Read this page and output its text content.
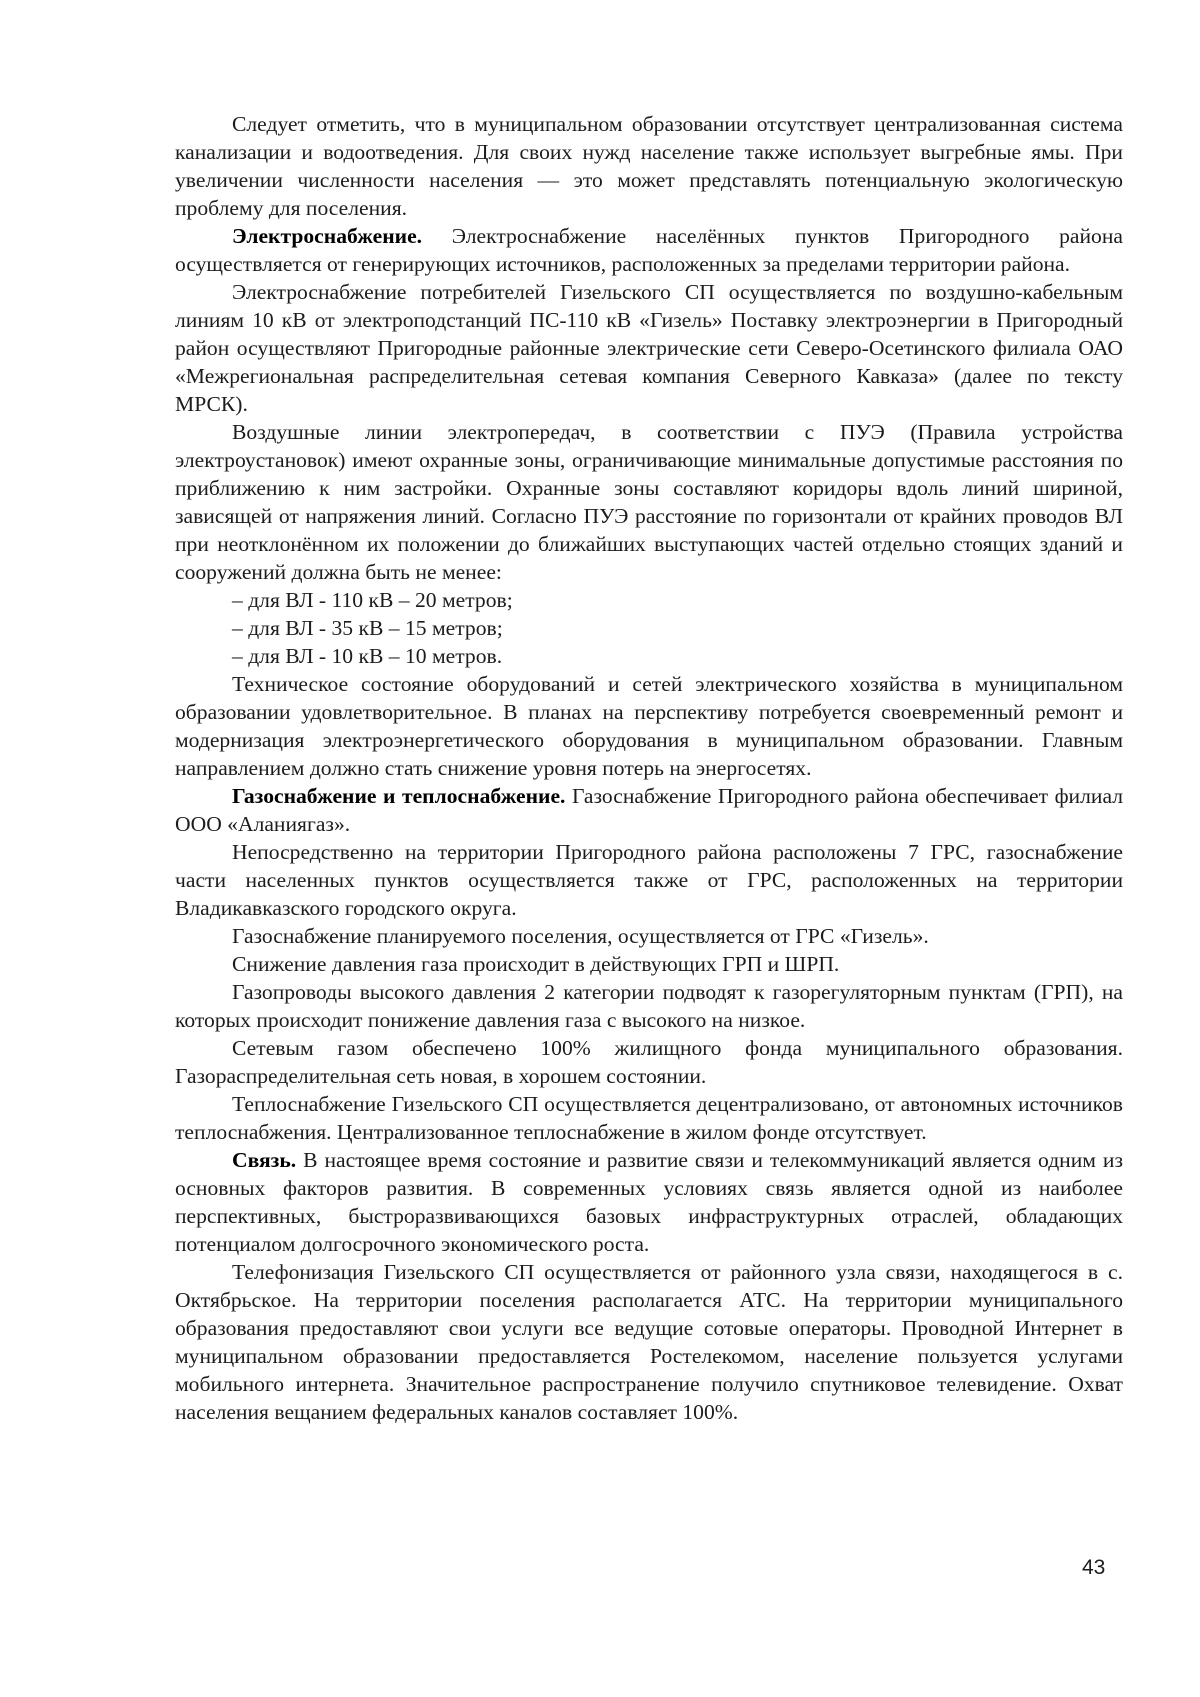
Следует отметить, что в муниципальном образовании отсутствует централизованная система канализации и водоотведения. Для своих нужд население также использует выгребные ямы. При увеличении численности населения — это может представлять потенциальную экологическую проблему для поселения.

Электроснабжение. Электроснабжение населённых пунктов Пригородного района осуществляется от генерирующих источников, расположенных за пределами территории района.

Электроснабжение потребителей Гизельского СП осуществляется по воздушно-кабельным линиям 10 кВ от электроподстанций ПС-110 кВ «Гизель» Поставку электроэнергии в Пригородный район осуществляют Пригородные районные электрические сети Северо-Осетинского филиала ОАО «Межрегиональная распределительная сетевая компания Северного Кавказа» (далее по тексту МРСК).

Воздушные линии электропередач, в соответствии с ПУЭ (Правила устройства электроустановок) имеют охранные зоны, ограничивающие минимальные допустимые расстояния по приближению к ним застройки. Охранные зоны составляют коридоры вдоль линий шириной, зависящей от напряжения линий. Согласно ПУЭ расстояние по горизонтали от крайних проводов ВЛ при неотклонённом их положении до ближайших выступающих частей отдельно стоящих зданий и сооружений должна быть не менее:

– для ВЛ - 110 кВ – 20 метров;

– для ВЛ - 35 кВ – 15 метров;

– для ВЛ - 10 кВ – 10 метров.

Техническое состояние оборудований и сетей электрического хозяйства в муниципальном образовании удовлетворительное. В планах на перспективу потребуется своевременный ремонт и модернизация электроэнергетического оборудования в муниципальном образовании. Главным направлением должно стать снижение уровня потерь на энергосетях.

Газоснабжение и теплоснабжение. Газоснабжение Пригородного района обеспечивает филиал ООО «Аланиягаз».

Непосредственно на территории Пригородного района расположены 7 ГРС, газоснабжение части населенных пунктов осуществляется также от ГРС, расположенных на территории Владикавказского городского округа.

Газоснабжение планируемого поселения, осуществляется от ГРС «Гизель».

Снижение давления газа происходит в действующих ГРП и ШРП.

Газопроводы высокого давления 2 категории подводят к газорегуляторным пунктам (ГРП), на которых происходит понижение давления газа с высокого на низкое.

Сетевым газом обеспечено 100% жилищного фонда муниципального образования. Газораспределительная сеть новая, в хорошем состоянии.

Теплоснабжение Гизельского СП осуществляется децентрализовано, от автономных источников теплоснабжения. Централизованное теплоснабжение в жилом фонде отсутствует.

Связь. В настоящее время состояние и развитие связи и телекоммуникаций является одним из основных факторов развития. В современных условиях связь является одной из наиболее перспективных, быстроразвивающихся базовых инфраструктурных отраслей, обладающих потенциалом долгосрочного экономического роста.

Телефонизация Гизельского СП осуществляется от районного узла связи, находящегося в с. Октябрьское. На территории поселения располагается АТС. На территории муниципального образования предоставляют свои услуги все ведущие сотовые операторы. Проводной Интернет в муниципальном образовании предоставляется Ростелекомом, население пользуется услугами мобильного интернета. Значительное распространение получило спутниковое телевидение. Охват населения вещанием федеральных каналов составляет 100%.

43
